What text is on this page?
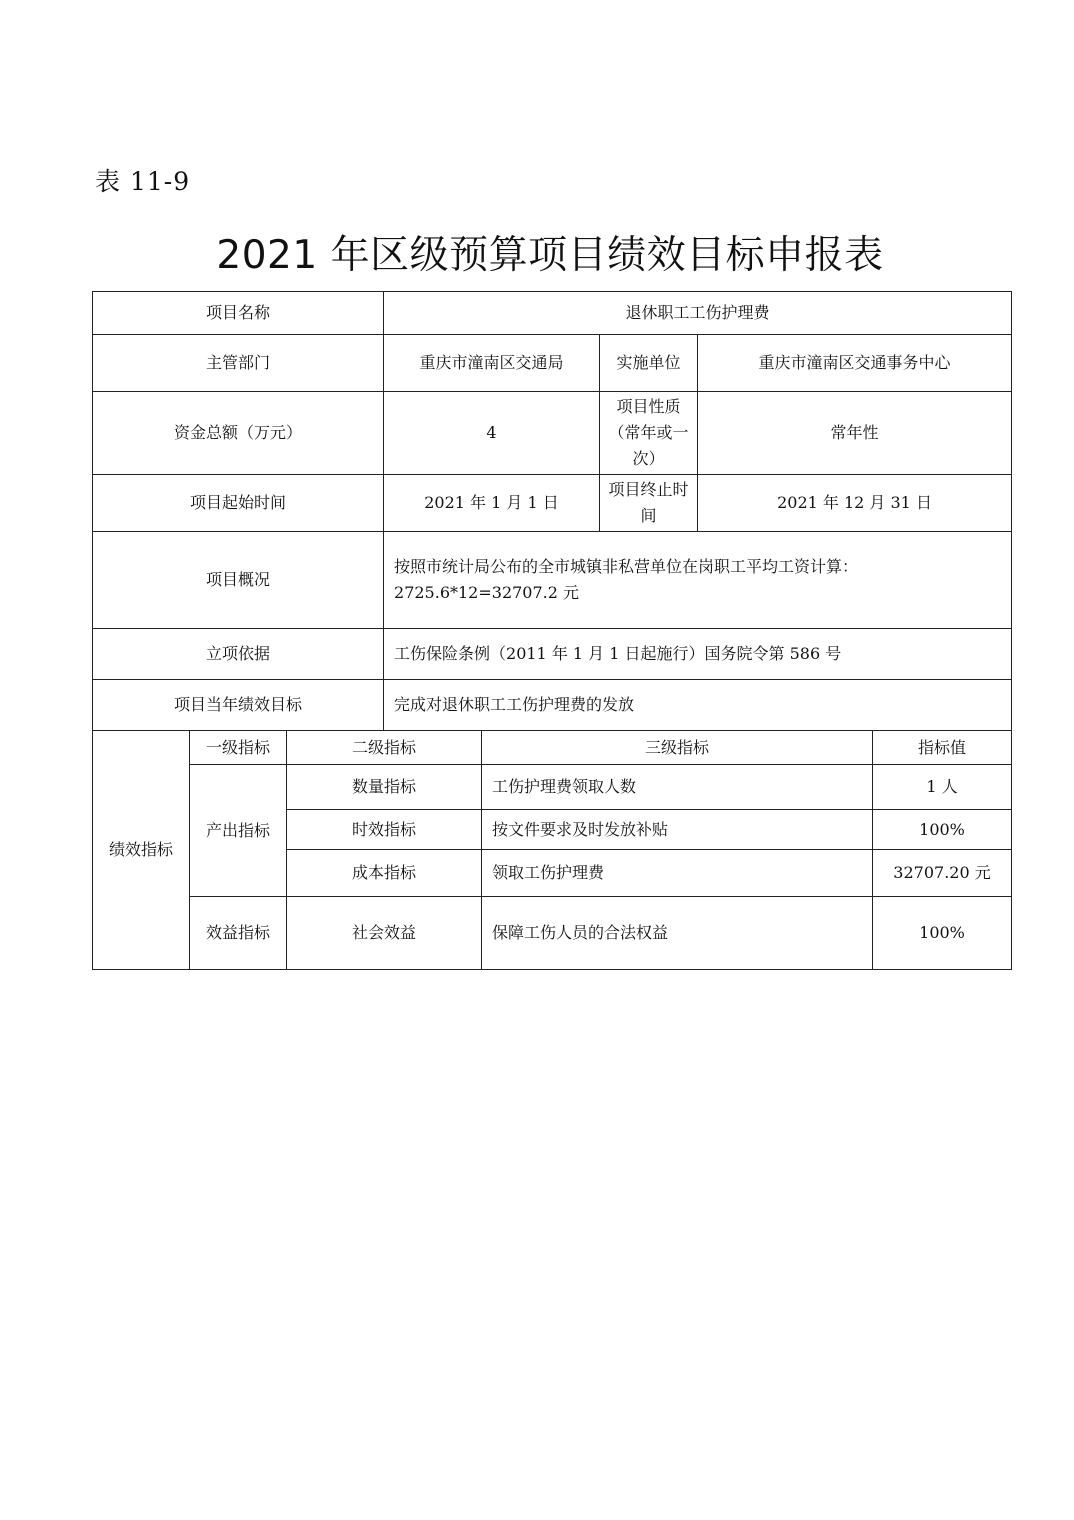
表 11-9
2021 年区级预算项目绩效目标申报表
项目名称			退休职工工伤护理费				
主管部门			重庆市潼南区交通局		实施单位	重庆市潼南区交通事务中心	
资金总额（万元）			4		项目性质（常年或一次）	常年性	
项目起始时间			2021 年 1 月 1 日		项目终止时间	2021 年 12 月 31 日	
项目概况			按照市统计局公布的全市城镇非私营单位在岗职工平均工资计算：2725.6*12=32707.2 元				
立项依据			工伤保险条例（2011 年 1 月 1 日起施行）国务院令第 586 号				
项目当年绩效目标			完成对退休职工工伤护理费的发放				
绩效指标	一级指标	二级指标		三级指标			指标值
	产出指标	数量指标		工伤护理费领取人数			1 人
		时效指标		按文件要求及时发放补贴			100%
		成本指标		领取工伤护理费			32707.20 元
	效益指标	社会效益		保障工伤人员的合法权益			100%
